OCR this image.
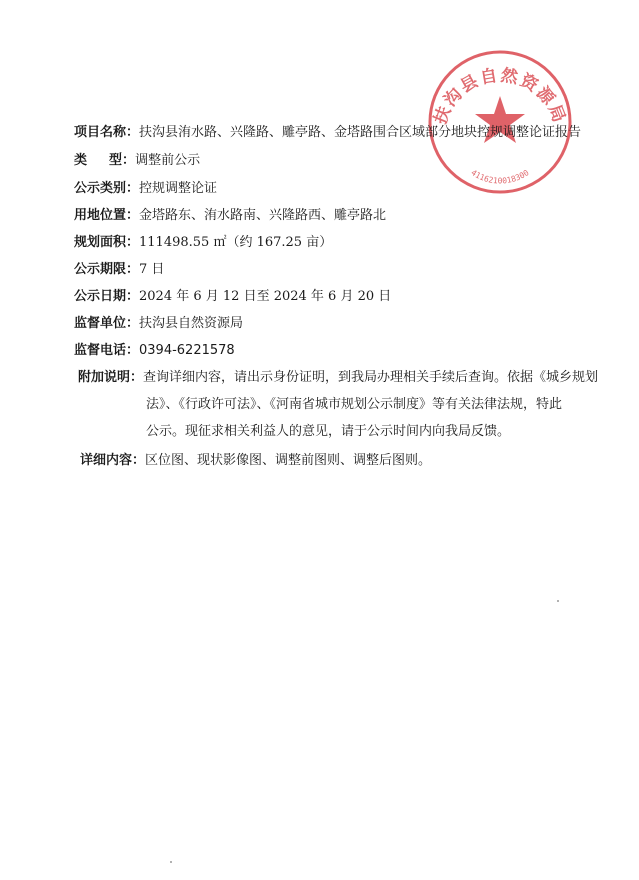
扶沟县自然资源局
4116210018300
项目名称：扶沟县洧水路、兴隆路、雕亭路、金塔路围合区域部分地块控规调整论证报告
类 　 型：调整前公示
公示类别：控规调整论证
用地位置：金塔路东、洧水路南、兴隆路西、雕亭路北
规划面积：111498.55 ㎡（约 167.25 亩）
公示期限：7 日
公示日期：2024 年 6 月 12 日至 2024 年 6 月 20 日
监督单位：扶沟县自然资源局
监督电话：0394-6221578
附加说明：查询详细内容，请出示身份证明，到我局办理相关手续后查询。依据《城乡规划
法》、《行政许可法》、《河南省城市规划公示制度》等有关法律法规，特此
公示。现征求相关利益人的意见，请于公示时间内向我局反馈。
详细内容：区位图、现状影像图、调整前图则、调整后图则。
